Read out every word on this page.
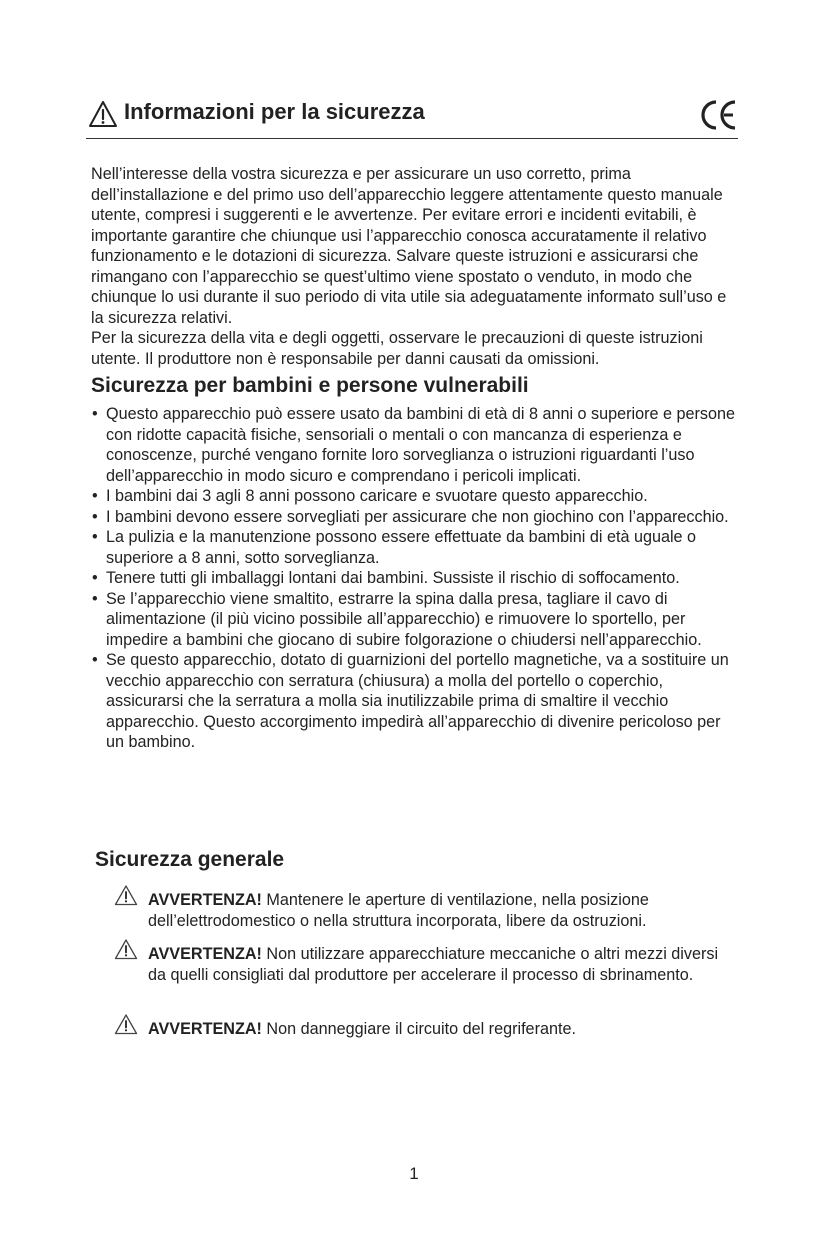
Informazioni per la sicurezza

Nell’interesse della vostra sicurezza e per assicurare un uso corretto, prima dell’installazione e del primo uso dell’apparecchio leggere attentamente questo manuale utente, compresi i suggerenti e le avvertenze. Per evitare errori e incidenti evitabili, è importante garantire che chiunque usi l’apparecchio conosca accuratamente il relativo funzionamento e le dotazioni di sicurezza. Salvare queste istruzioni e assicurarsi che rimangano con l’apparecchio se quest’ultimo viene spostato o venduto, in modo che chiunque lo usi durante il suo periodo di vita utile sia adeguatamente informato sull’uso e la sicurezza relativi.

Per la sicurezza della vita e degli oggetti, osservare le precauzioni di queste istruzioni utente. Il produttore non è responsabile per danni causati da omissioni.

Sicurezza per bambini e persone vulnerabili
• Questo apparecchio può essere usato da bambini di età di 8 anni o superiore e persone con ridotte capacità fisiche, sensoriali o mentali o con mancanza di esperienza e conoscenze, purché vengano fornite loro sorveglianza o istruzioni riguardanti l’uso dell’apparecchio in modo sicuro e comprendano i pericoli implicati.
• I bambini dai 3 agli 8 anni possono caricare e svuotare questo apparecchio.
• I bambini devono essere sorvegliati per assicurare che non giochino con l’apparecchio.
• La pulizia e la manutenzione possono essere effettuate da bambini di età uguale o superiore a 8 anni, sotto sorveglianza.
• Tenere tutti gli imballaggi lontani dai bambini. Sussiste il rischio di soffocamento.
• Se l’apparecchio viene smaltito, estrarre la spina dalla presa, tagliare il cavo di alimentazione (il più vicino possibile all’apparecchio) e rimuovere lo sportello, per impedire a bambini che giocano di subire folgorazione o chiudersi nell’apparecchio.
• Se questo apparecchio, dotato di guarnizioni del portello magnetiche, va a sostituire un vecchio apparecchio con serratura (chiusura) a molla del portello o coperchio, assicurarsi che la serratura a molla sia inutilizzabile prima di smaltire il vecchio apparecchio. Questo accorgimento impedirà all’apparecchio di divenire pericoloso per un bambino.
Sicurezza generale
AVVERTENZA! Mantenere le aperture di ventilazione, nella posizione dell’elettrodomestico o nella struttura incorporata, libere da ostruzioni.
AVVERTENZA! Non utilizzare apparecchiature meccaniche o altri mezzi diversi da quelli consigliati dal produttore per accelerare il processo di sbrinamento.
AVVERTENZA! Non danneggiare il circuito del regriferante.
1
